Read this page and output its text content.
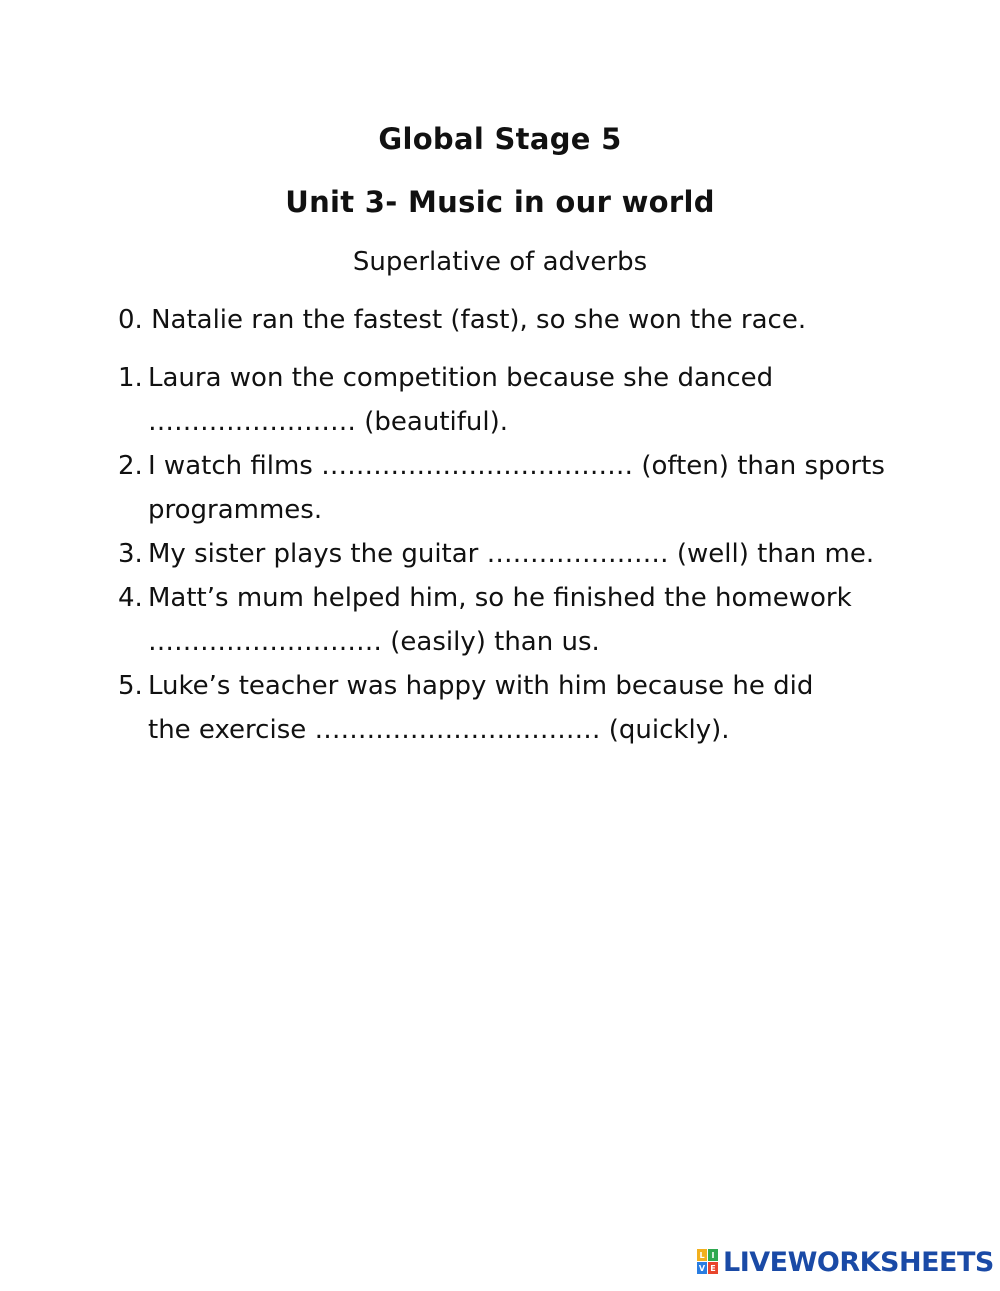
Global Stage 5
Unit 3- Music in our world
Superlative of adverbs
0. Natalie ran the fastest (fast), so she won the race.
1. Laura won the competition because she danced
…………………… (beautiful).
2. I watch films ……………………………… (often) than sports
programmes.
3. My sister plays the guitar ………………… (well) than me.
4. Matt’s mum helped him, so he finished the homework
……………………… (easily) than us.
5. Luke’s teacher was happy with him because he did
the exercise …………………………… (quickly).
L I
V E LIVEWORKSHEETS
